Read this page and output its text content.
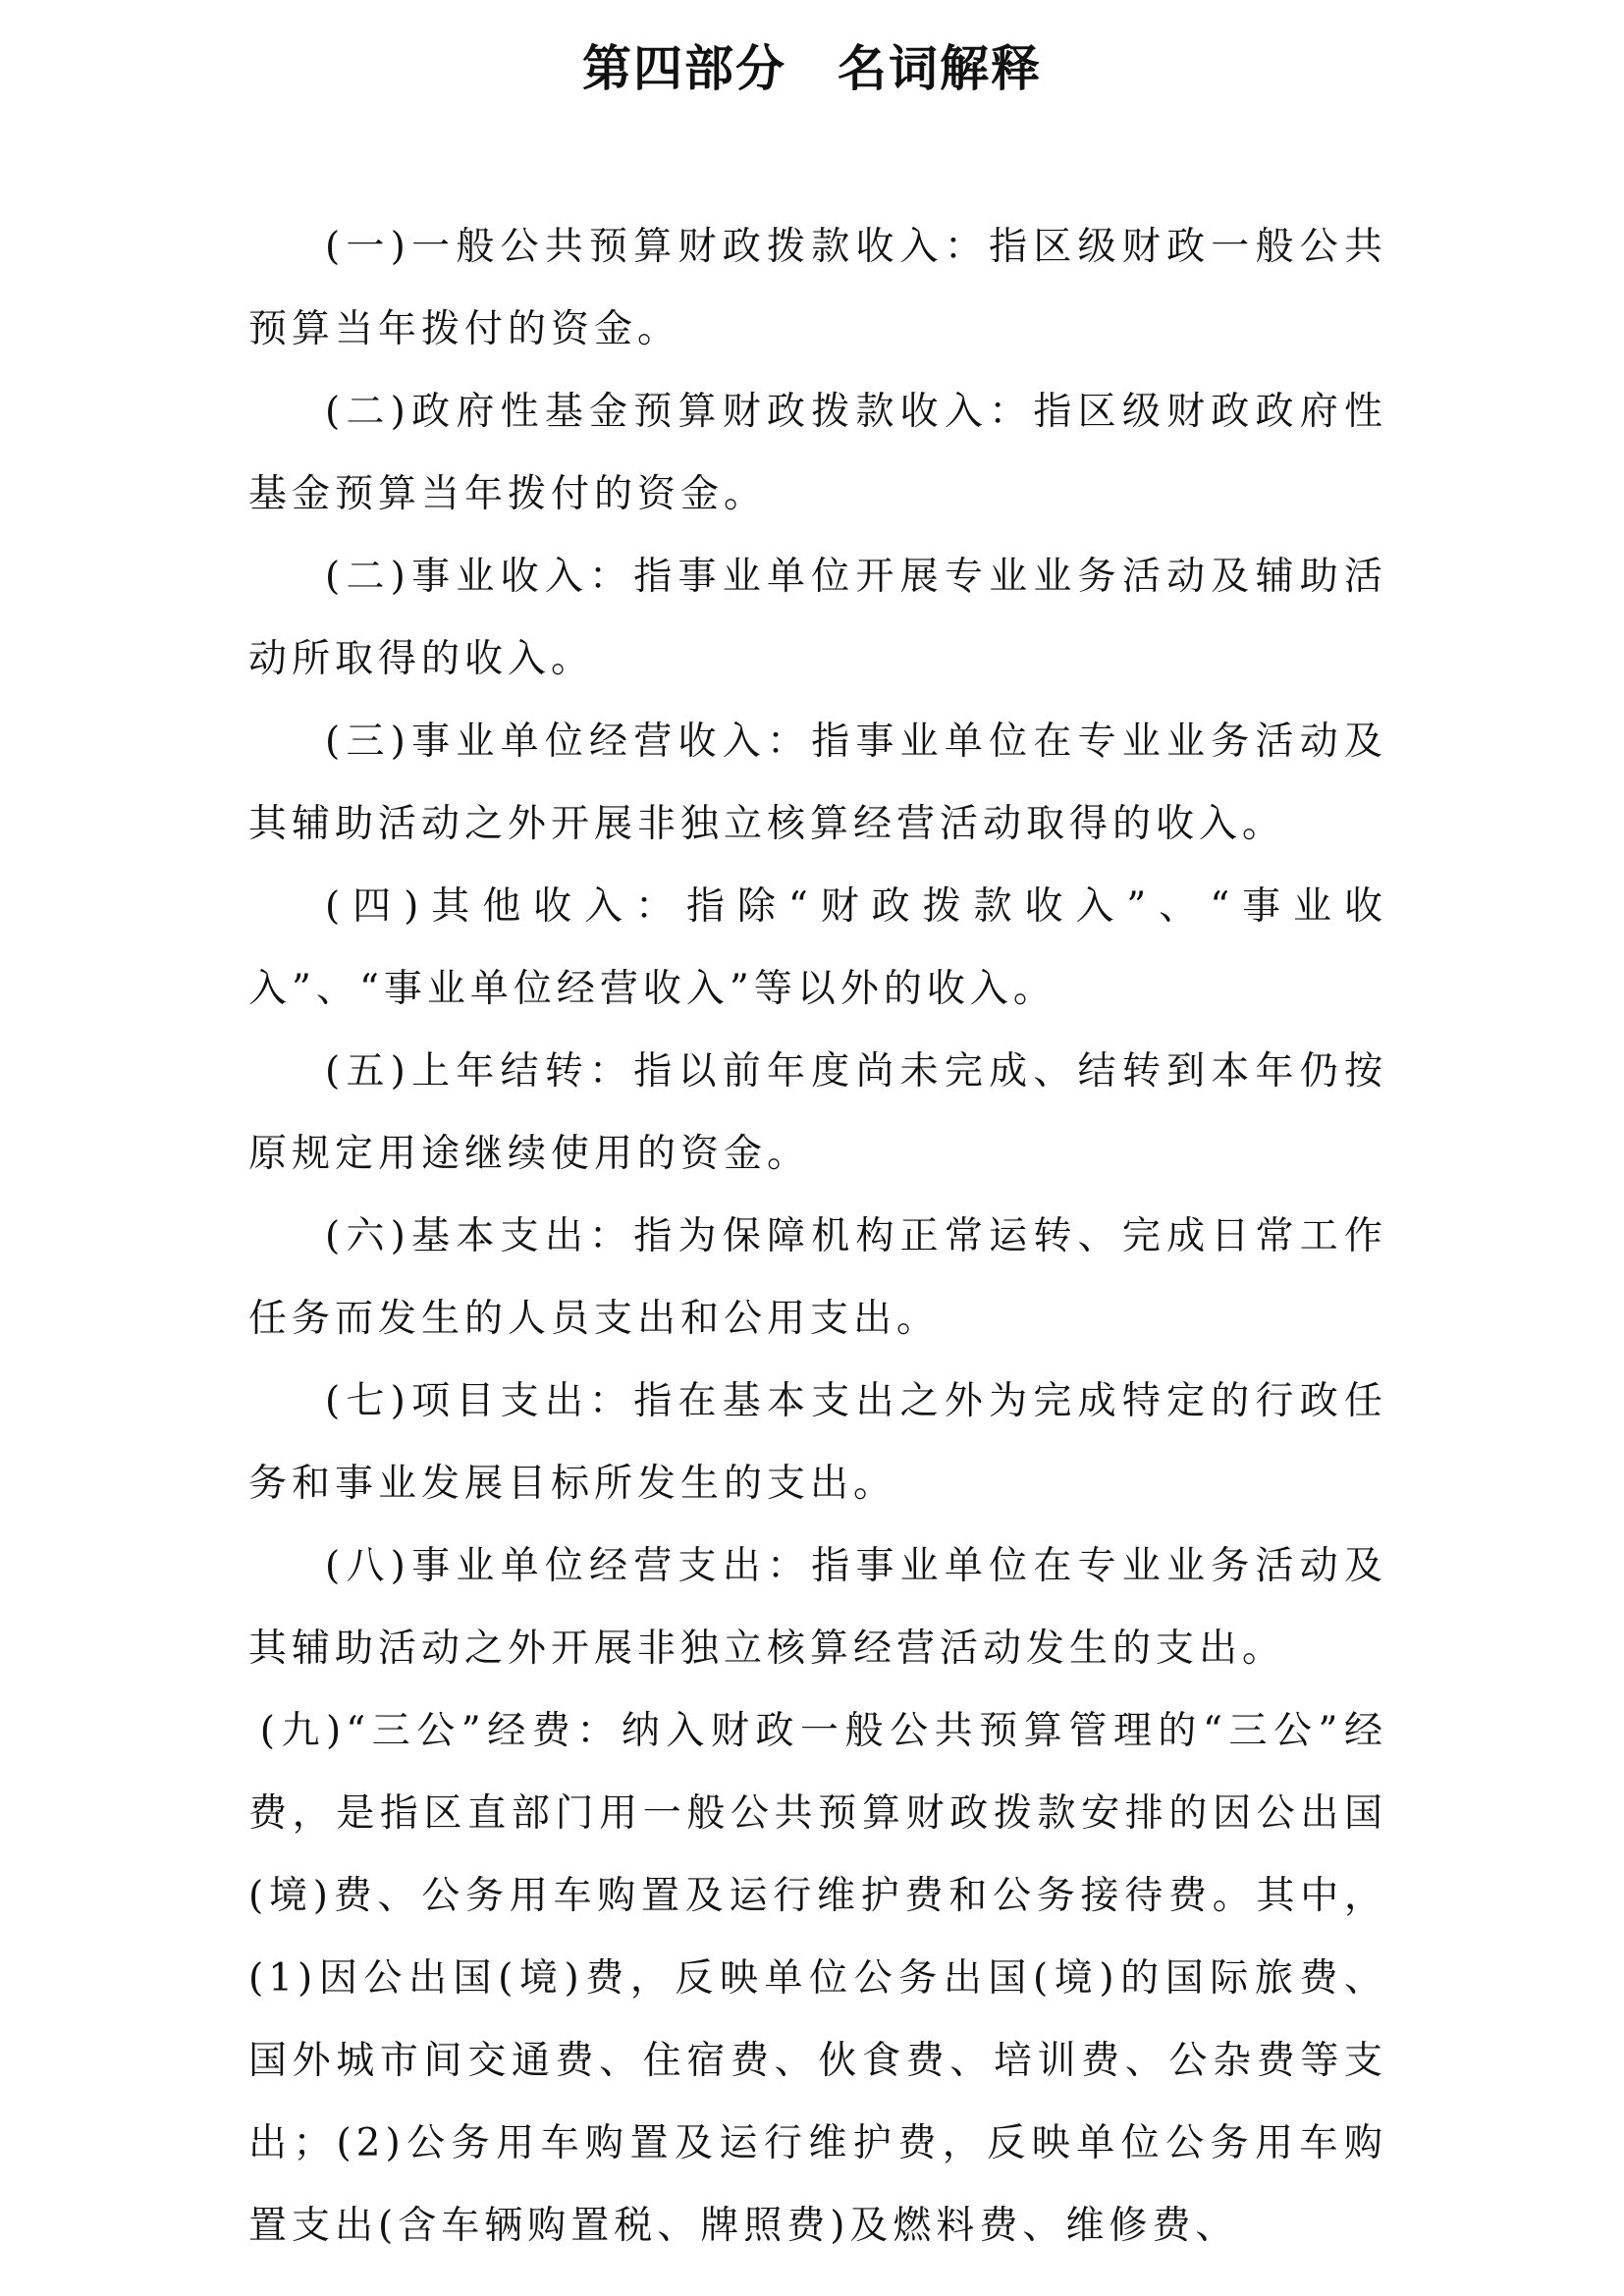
第四部分　名词解释

(一)一般公共预算财政拨款收入：指区级财政一般公共预算当年拨付的资金。

(二)政府性基金预算财政拨款收入：指区级财政政府性基金预算当年拨付的资金。

(二)事业收入：指事业单位开展专业业务活动及辅助活动所取得的收入。

(三)事业单位经营收入：指事业单位在专业业务活动及其辅助活动之外开展非独立核算经营活动取得的收入。

(四)其他收入：指除“财政拨款收入”、“事业收入”、“事业单位经营收入”等以外的收入。

(五)上年结转：指以前年度尚未完成、结转到本年仍按原规定用途继续使用的资金。

(六)基本支出：指为保障机构正常运转、完成日常工作任务而发生的人员支出和公用支出。

(七)项目支出：指在基本支出之外为完成特定的行政任务和事业发展目标所发生的支出。

(八)事业单位经营支出：指事业单位在专业业务活动及其辅助活动之外开展非独立核算经营活动发生的支出。

(九)“三公”经费：纳入财政一般公共预算管理的“三公”经费，是指区直部门用一般公共预算财政拨款安排的因公出国(境)费、公务用车购置及运行维护费和公务接待费。其中，(1)因公出国(境)费，反映单位公务出国(境)的国际旅费、国外城市间交通费、住宿费、伙食费、培训费、公杂费等支出；(2)公务用车购置及运行维护费，反映单位公务用车购置支出(含车辆购置税、牌照费)及燃料费、维修费、
